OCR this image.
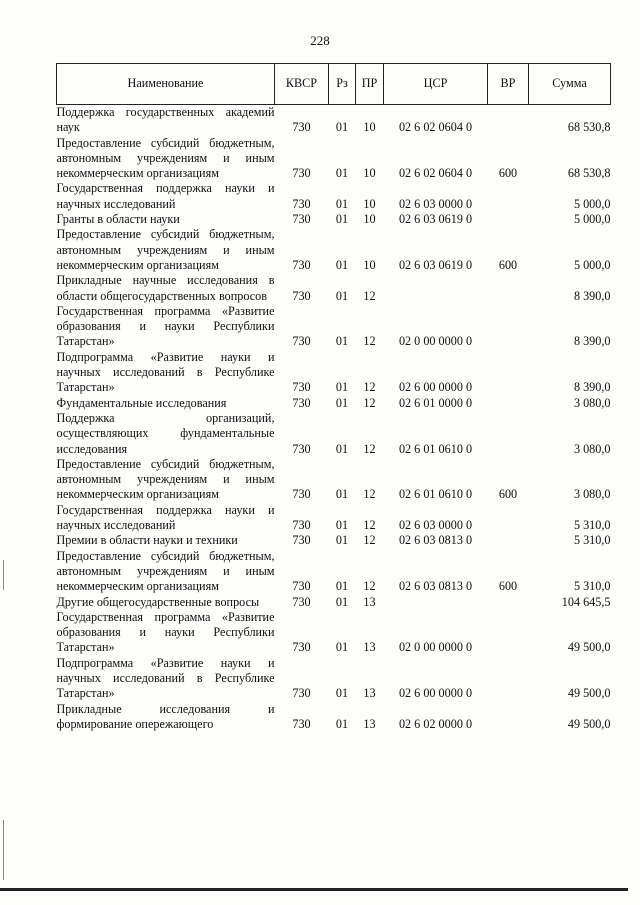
228
Наименование	КВСР	Рз	ПР	ЦСР	ВР	Сумма
Поддержка государственных академий наук	730	01	10	02 6 02 0604 0		68 530,8
Предоставление субсидий бюджетным, автономным учреждениям и иным некоммерческим организациям	730	01	10	02 6 02 0604 0	600	68 530,8
Государственная поддержка науки и научных исследований	730	01	10	02 6 03 0000 0		5 000,0
Гранты в области науки	730	01	10	02 6 03 0619 0		5 000,0
Предоставление субсидий бюджетным, автономным учреждениям и иным некоммерческим организациям	730	01	10	02 6 03 0619 0	600	5 000,0
Прикладные научные исследования в области общегосударственных вопросов	730	01	12			8 390,0
Государственная программа «Развитие образования и науки Республики Татарстан»	730	01	12	02 0 00 0000 0		8 390,0
Подпрограмма «Развитие науки и научных исследований в Республике Татарстан»	730	01	12	02 6 00 0000 0		8 390,0
Фундаментальные исследования	730	01	12	02 6 01 0000 0		3 080,0
Поддержка организаций, осуществляющих фундаментальные исследования	730	01	12	02 6 01 0610 0		3 080,0
Предоставление субсидий бюджетным, автономным учреждениям и иным некоммерческим организациям	730	01	12	02 6 01 0610 0	600	3 080,0
Государственная поддержка науки и научных исследований	730	01	12	02 6 03 0000 0		5 310,0
Премии в области науки и техники	730	01	12	02 6 03 0813 0		5 310,0
Предоставление субсидий бюджетным, автономным учреждениям и иным некоммерческим организациям	730	01	12	02 6 03 0813 0	600	5 310,0
Другие общегосударственные вопросы	730	01	13			104 645,5
Государственная программа «Развитие образования и науки Республики Татарстан»	730	01	13	02 0 00 0000 0		49 500,0
Подпрограмма «Развитие науки и научных исследований в Республике Татарстан»	730	01	13	02 6 00 0000 0		49 500,0
Прикладные исследования и формирование опережающего	730	01	13	02 6 02 0000 0		49 500,0
